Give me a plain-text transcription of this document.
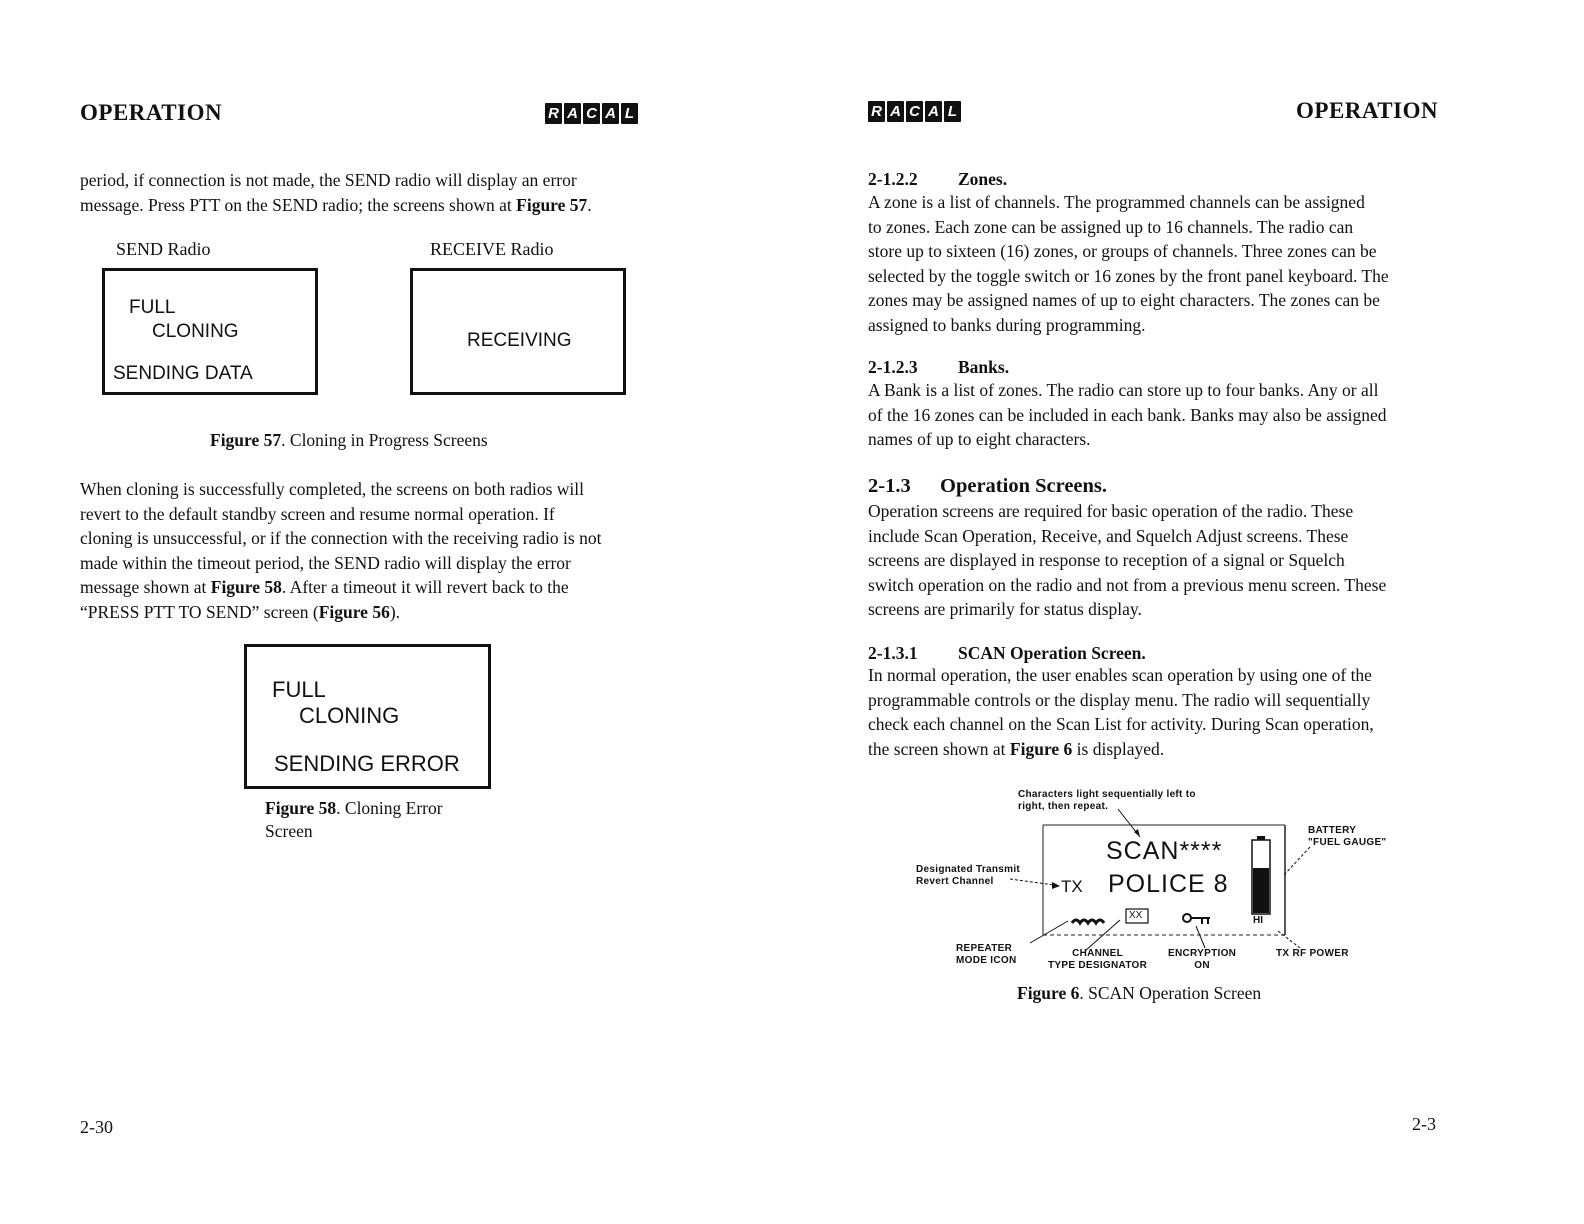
OPERATION	R A C A L
period, if connection is not made, the SEND radio will display an error
message. Press PTT on the SEND radio; the screens shown at Figure 57.
SEND Radio	RECEIVE Radio
FULL
CLONING
SENDING DATA
RECEIVING
Figure 57. Cloning in Progress Screens
When cloning is successfully completed, the screens on both radios will
revert to the default standby screen and resume normal operation. If
cloning is unsuccessful, or if the connection with the receiving radio is not
made within the timeout period, the SEND radio will display the error
message shown at Figure 58. After a timeout it will revert back to the
“PRESS PTT TO SEND” screen (Figure 56).
FULL
CLONING
SENDING ERROR
Figure 58. Cloning Error
Screen
2-30
R A C A L	OPERATION
2-1.2.2 Zones.
A zone is a list of channels. The programmed channels can be assigned
to zones. Each zone can be assigned up to 16 channels. The radio can
store up to sixteen (16) zones, or groups of channels. Three zones can be
selected by the toggle switch or 16 zones by the front panel keyboard. The
zones may be assigned names of up to eight characters. The zones can be
assigned to banks during programming.
2-1.2.3 Banks.
A Bank is a list of zones. The radio can store up to four banks. Any or all
of the 16 zones can be included in each bank. Banks may also be assigned
names of up to eight characters.
2-1.3 Operation Screens.
Operation screens are required for basic operation of the radio. These
include Scan Operation, Receive, and Squelch Adjust screens. These
screens are displayed in response to reception of a signal or Squelch
switch operation on the radio and not from a previous menu screen. These
screens are primarily for status display.
2-1.3.1 SCAN Operation Screen.
In normal operation, the user enables scan operation by using one of the
programmable controls or the display menu. The radio will sequentially
check each channel on the Scan List for activity. During Scan operation,
the screen shown at Figure 6 is displayed.
Characters light sequentially left to
right, then repeat.
SCAN****
TX POLICE 8
XX	HI
BATTERY
"FUEL GAUGE"
Designated Transmit
Revert Channel
REPEATER
MODE ICON
CHANNEL
TYPE DESIGNATOR
ENCRYPTION
ON
TX RF POWER
Figure 6. SCAN Operation Screen
2-3
